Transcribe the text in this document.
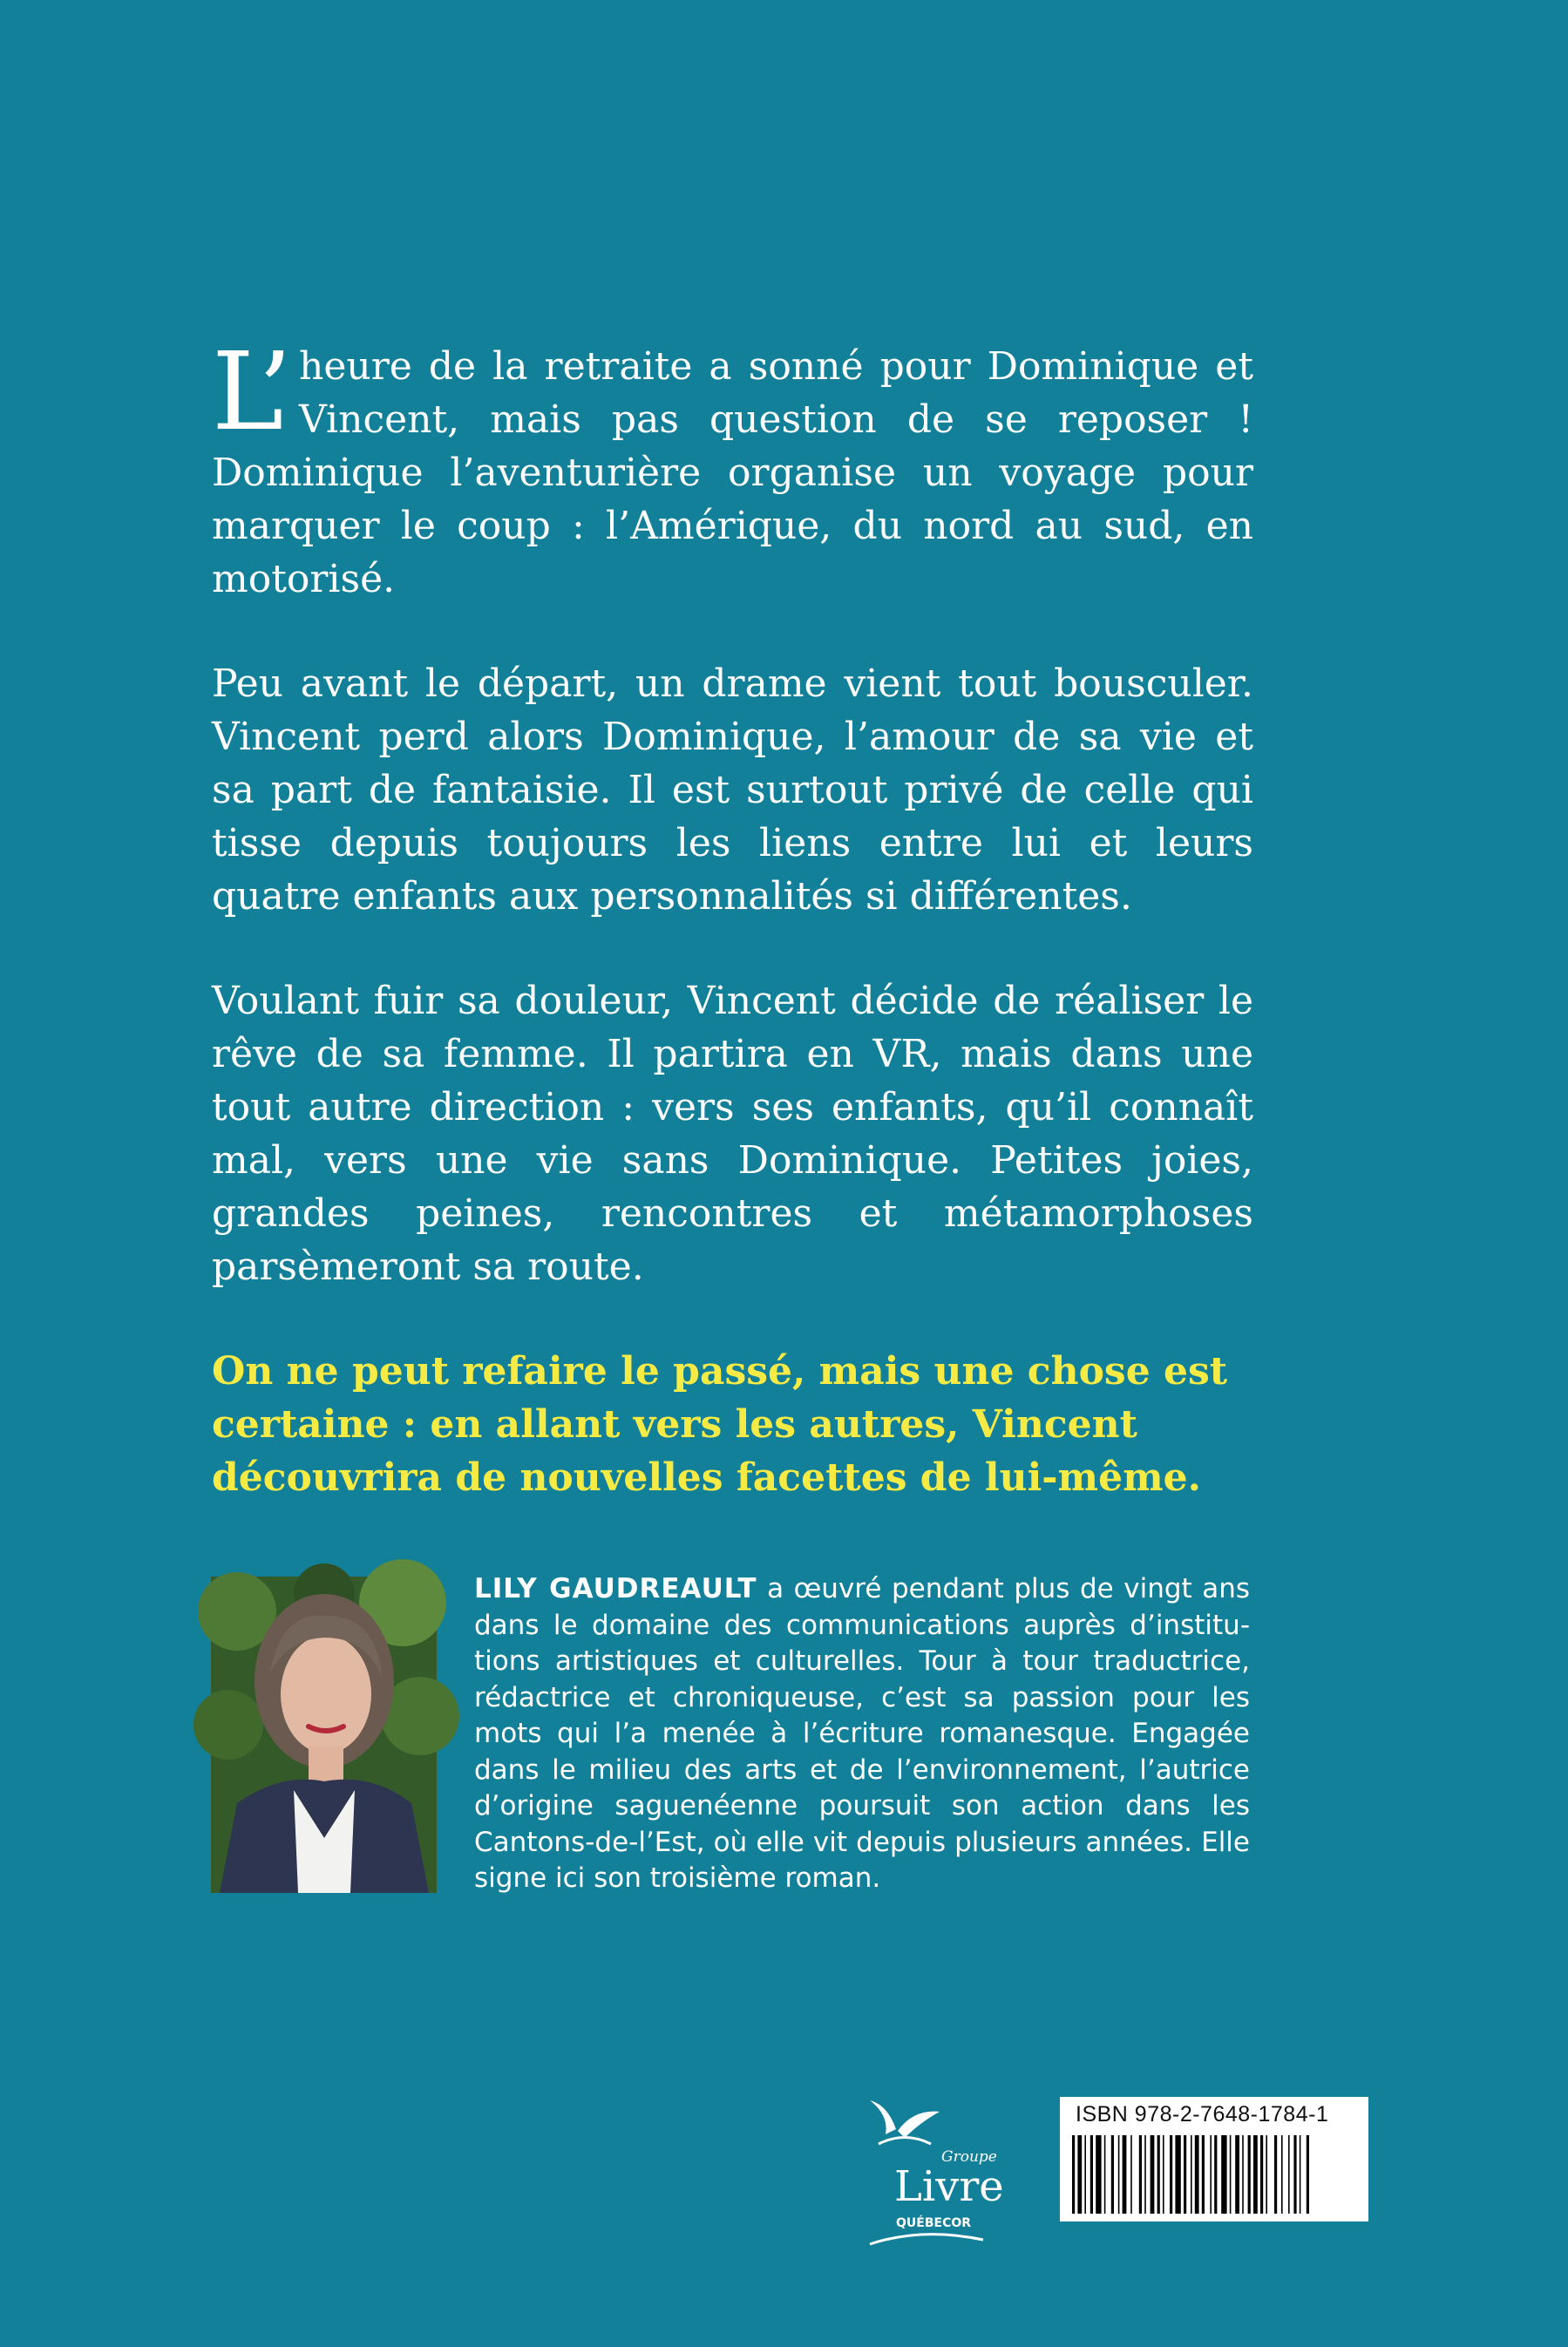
L’ heure de la retraite a sonné pour Dominique et Vincent, mais pas question de se reposer ! Dominique l’aventurière organise un voyage pour marquer le coup : l’Amérique, du nord au sud, en motorisé.

Peu avant le départ, un drame vient tout bousculer. Vincent perd alors Dominique, l’amour de sa vie et sa part de fantaisie. Il est surtout privé de celle qui tisse depuis toujours les liens entre lui et leurs quatre enfants aux personnalités si différentes.

Voulant fuir sa douleur, Vincent décide de réaliser le rêve de sa femme. Il partira en VR, mais dans une tout autre direction : vers ses enfants, qu’il connaît mal, vers une vie sans Dominique. Petites joies, grandes peines, rencontres et métamorphoses parsèmeront sa route.

On ne peut refaire le passé, mais une chose est certaine : en allant vers les autres, Vincent découvrira de nouvelles facettes de lui-même.

LILY GAUDREAULT a œuvré pendant plus de vingt ans dans le domaine des communications auprès d’institutions artistiques et culturelles. Tour à tour traductrice, rédactrice et chroniqueuse, c’est sa passion pour les mots qui l’a menée à l’écriture romanesque. Engagée dans le milieu des arts et de l’environnement, l’autrice d’origine saguenéenne poursuit son action dans les Cantons-de-l’Est, où elle vit depuis plusieurs années. Elle signe ici son troisième roman.

Groupe
Livre
QUÉBECOR
ISBN 978-2-7648-1784-1
